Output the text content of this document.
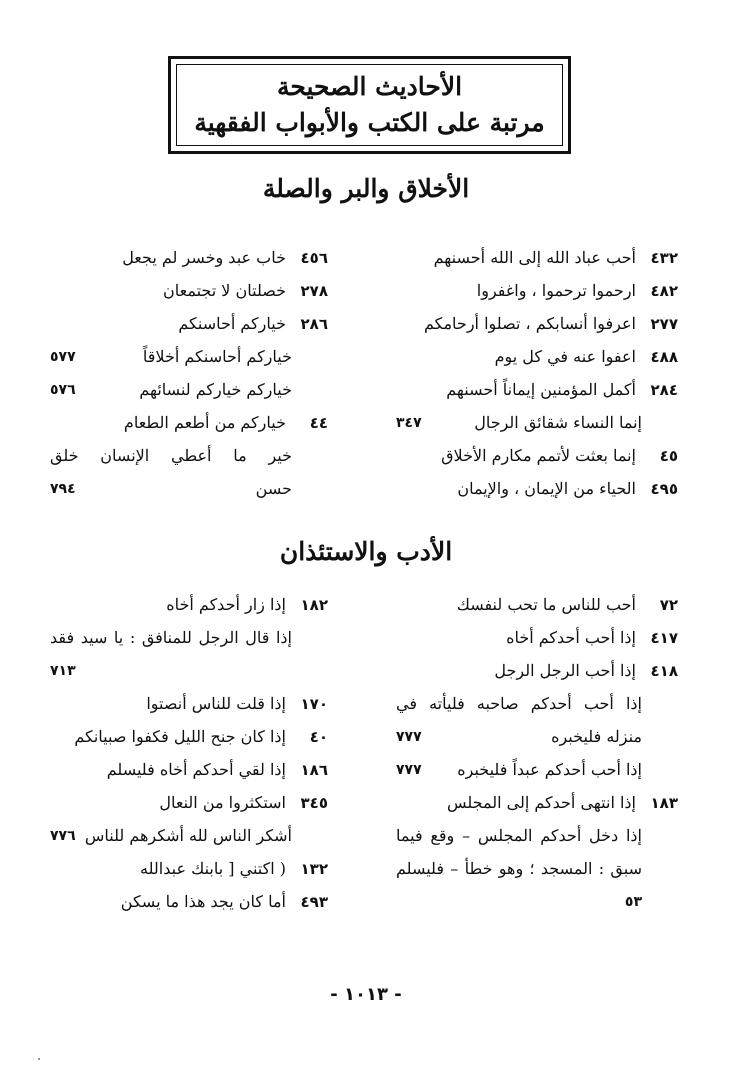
الأحاديث الصحيحة
مرتبة على الكتب والأبواب الفقهية
الأخلاق والبر والصلة
٤٣٢
أحب عباد الله إلى الله أحسنهم
٤٨٢
ارحموا ترحموا ، واغفروا
٢٧٧
اعرفوا أنسابكم ، تصلوا أرحامكم
٤٨٨
اعفوا عنه في كل يوم
٢٨٤
أكمل المؤمنين إيماناً أحسنهم
إنما النساء شقائق الرجال
٣٤٧
٤٥
إنما بعثت لأتمم مكارم الأخلاق
٤٩٥
الحياء من الإيمان ، والإيمان
٤٥٦
خاب عبد وخسر لم يجعل
٢٧٨
خصلتان لا تجتمعان
٢٨٦
خياركم أحاسنكم
خياركم أحاسنكم أخلاقاً
٥٧٧
خياركم خياركم لنسائهم
٥٧٦
٤٤
خياركم من أطعم الطعام
خير ما أعطي الإنسان خلق
حسن
٧٩٤
الأدب والاستئذان
٧٢
أحب للناس ما تحب لنفسك
٤١٧
إذا أحب أحدكم أخاه
٤١٨
إذا أحب الرجل الرجل
إذا أحب أحدكم صاحبه فليأته في
منزله فليخبره
٧٧٧
إذا أحب أحدكم عبداً فليخبره
٧٧٧
١٨٣
إذا انتهى أحدكم إلى المجلس
إذا دخل أحدكم المجلس – وقع فيما
سبق : المسجد ؛ وهو خطأ – فليسلم
٥٣
١٨٢
إذا زار أحدكم أخاه
إذا قال الرجل للمنافق : يا سيد فقد
٧١٣
١٧٠
إذا قلت للناس أنصتوا
٤٠
إذا كان جنح الليل فكفوا صبيانكم
١٨٦
إذا لقي أحدكم أخاه فليسلم
٣٤٥
استكثروا من النعال
أشكر الناس لله أشكرهم للناس
٧٧٦
١٣٢
( اكتني [ بابنك عبدالله
٤٩٣
أما كان يجد هذا ما يسكن
- ١٠١٣ -
